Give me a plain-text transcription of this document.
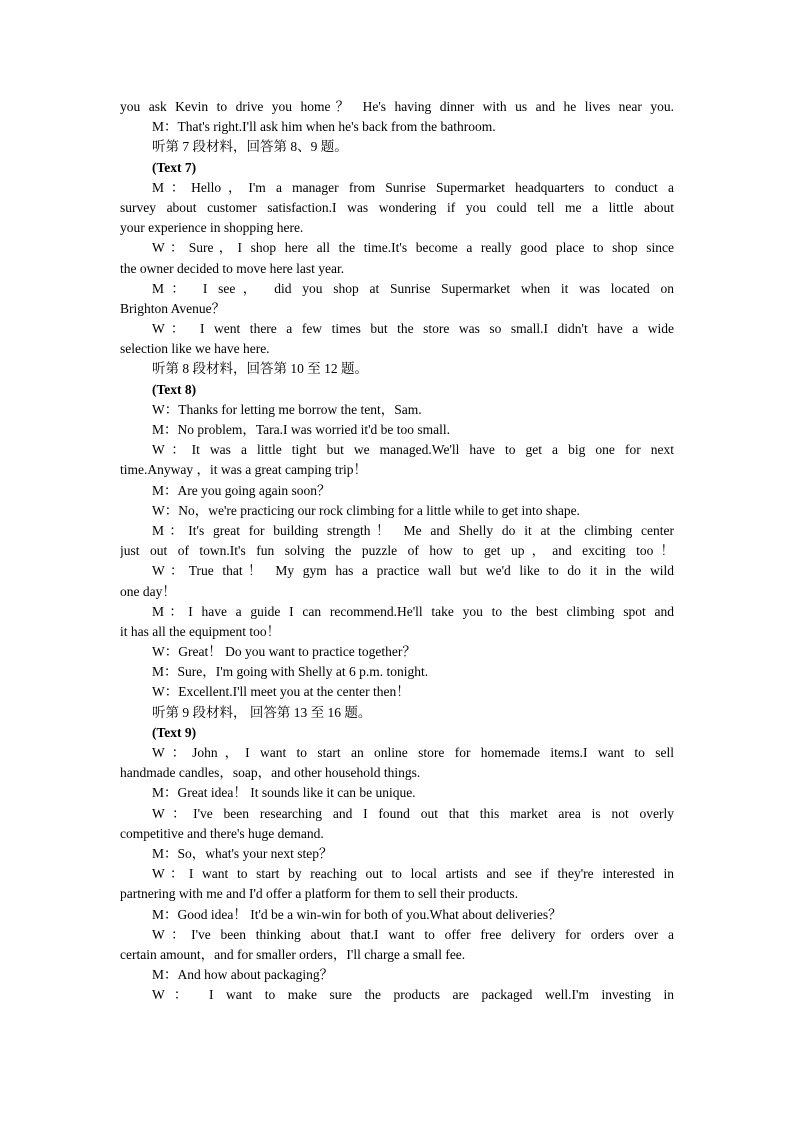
you ask Kevin to drive you home？ He's having dinner with us and he lives near you.
M：That's right.I'll ask him when he's back from the bathroom.
听第 7 段材料，回答第 8、9 题。
(Text 7)
M：Hello，I'm a manager from Sunrise Supermarket headquarters to conduct a
survey about customer satisfaction.I was wondering if you could tell me a little about
your experience in shopping here.
W：Sure，I shop here all the time.It's become a really good place to shop since
the owner decided to move here last year.
M： I see， did you shop at Sunrise Supermarket when it was located on
Brighton Avenue？
W： I went there a few times but the store was so small.I didn't have a wide
selection like we have here.
听第 8 段材料，回答第 10 至 12 题。
(Text 8)
W：Thanks for letting me borrow the tent，Sam.
M：No problem，Tara.I was worried it'd be too small.
W：It was a little tight but we managed.We'll have to get a big one for next
time.Anyway ，it was a great camping trip！
M：Are you going again soon？
W：No，we're practicing our rock climbing for a little while to get into shape.
M：It's great for building strength！ Me and Shelly do it at the climbing center
just out of town.It's fun solving the puzzle of how to get up，and exciting too！
W：True that！ My gym has a practice wall but we'd like to do it in the wild
one day！
M：I have a guide I can recommend.He'll take you to the best climbing spot and
it has all the equipment too！
W：Great！ Do you want to practice together？
M：Sure，I'm going with Shelly at 6 p.m. tonight.
W：Excellent.I'll meet you at the center then！
听第 9 段材料， 回答第 13 至 16 题。
(Text 9)
W：John，I want to start an online store for homemade items.I want to sell
handmade candles，soap，and other household things.
M：Great idea！ It sounds like it can be unique.
W：I've been researching and I found out that this market area is not overly
competitive and there's huge demand.
M：So，what's your next step？
W：I want to start by reaching out to local artists and see if they're interested in
partnering with me and I'd offer a platform for them to sell their products.
M：Good idea！ It'd be a win-win for both of you.What about deliveries？
W：I've been thinking about that.I want to offer free delivery for orders over a
certain amount，and for smaller orders，I'll charge a small fee.
M：And how about packaging？
W： I want to make sure the products are packaged well.I'm investing in
